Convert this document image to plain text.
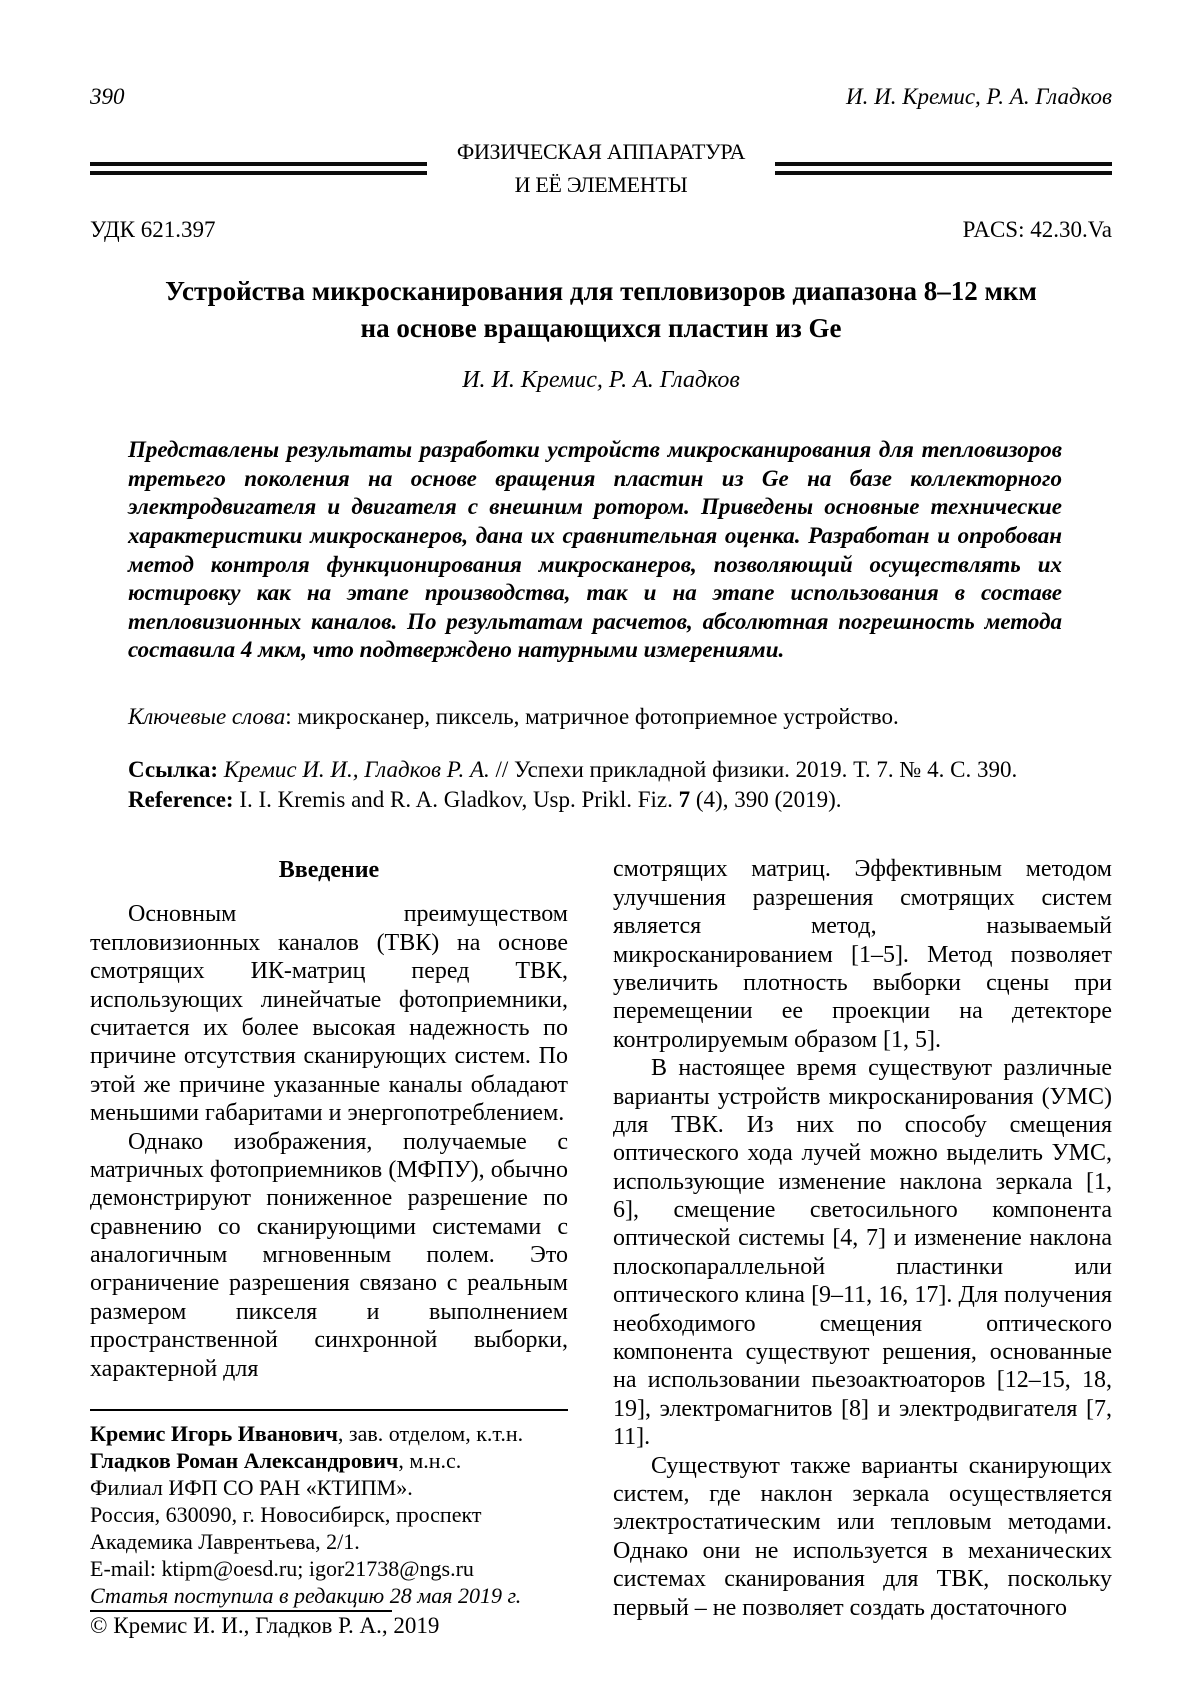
390	И. И. Кремис, Р. А. Гладков
ФИЗИЧЕСКАЯ АППАРАТУРА
И ЕЁ ЭЛЕМЕНТЫ
УДК 621.397	PACS: 42.30.Va
Устройства микросканирования для тепловизоров диапазона 8–12 мкм
на основе вращающихся пластин из Ge
И. И. Кремис, Р. А. Гладков
Представлены результаты разработки устройств микросканирования для тепловизоров третьего поколения на основе вращения пластин из Ge на базе коллекторного электродвигателя и двигателя с внешним ротором. Приведены основные технические характеристики микросканеров, дана их сравнительная оценка. Разработан и опробован метод контроля функционирования микросканеров, позволяющий осуществлять их юстировку как на этапе производства, так и на этапе использования в составе тепловизионных каналов. По результатам расчетов, абсолютная погрешность метода составила 4 мкм, что подтверждено натурными измерениями.
Ключевые слова: микросканер, пиксель, матричное фотоприемное устройство.
Ссылка: Кремис И. И., Гладков Р. А. // Успехи прикладной физики. 2019. Т. 7. № 4. С. 390.
Reference: I. I. Kremis and R. A. Gladkov, Usp. Prikl. Fiz. 7 (4), 390 (2019).
Введение

Основным преимуществом тепловизионных каналов (ТВК) на основе смотрящих ИК-матриц перед ТВК, использующих линейчатые фотоприемники, считается их более высокая надежность по причине отсутствия сканирующих систем. По этой же причине указанные каналы обладают меньшими габаритами и энергопотреблением.

Однако изображения, получаемые с матричных фотоприемников (МФПУ), обычно демонстрируют пониженное разрешение по сравнению со сканирующими системами с аналогичным мгновенным полем. Это ограничение разрешения связано с реальным размером пикселя и выполнением пространственной синхронной выборки, характерной для

Кремис Игорь Иванович, зав. отделом, к.т.н.
Гладков Роман Александрович, м.н.с.
Филиал ИФП СО РАН «КТИПМ».
Россия, 630090, г. Новосибирск, проспект Академика Лаврентьева, 2/1.
E-mail: ktipm@oesd.ru; igor21738@ngs.ru
Статья поступила в редакцию 28 мая 2019 г.
© Кремис И. И., Гладков Р. А., 2019

смотрящих матриц. Эффективным методом улучшения разрешения смотрящих систем является метод, называемый микросканированием [1–5]. Метод позволяет увеличить плотность выборки сцены при перемещении ее проекции на детекторе контролируемым образом [1, 5].

В настоящее время существуют различные варианты устройств микросканирования (УМС) для ТВК. Из них по способу смещения оптического хода лучей можно выделить УМС, использующие изменение наклона зеркала [1, 6], смещение светосильного компонента оптической системы [4, 7] и изменение наклона плоскопараллельной пластинки или оптического клина [9–11, 16, 17]. Для получения необходимого смещения оптического компонента существуют решения, основанные на использовании пьезоактюаторов [12–15, 18, 19], электромагнитов [8] и электродвигателя [7, 11].

Существуют также варианты сканирующих систем, где наклон зеркала осуществляется электростатическим или тепловым методами. Однако они не используется в механических системах сканирования для ТВК, поскольку первый – не позволяет создать достаточного
